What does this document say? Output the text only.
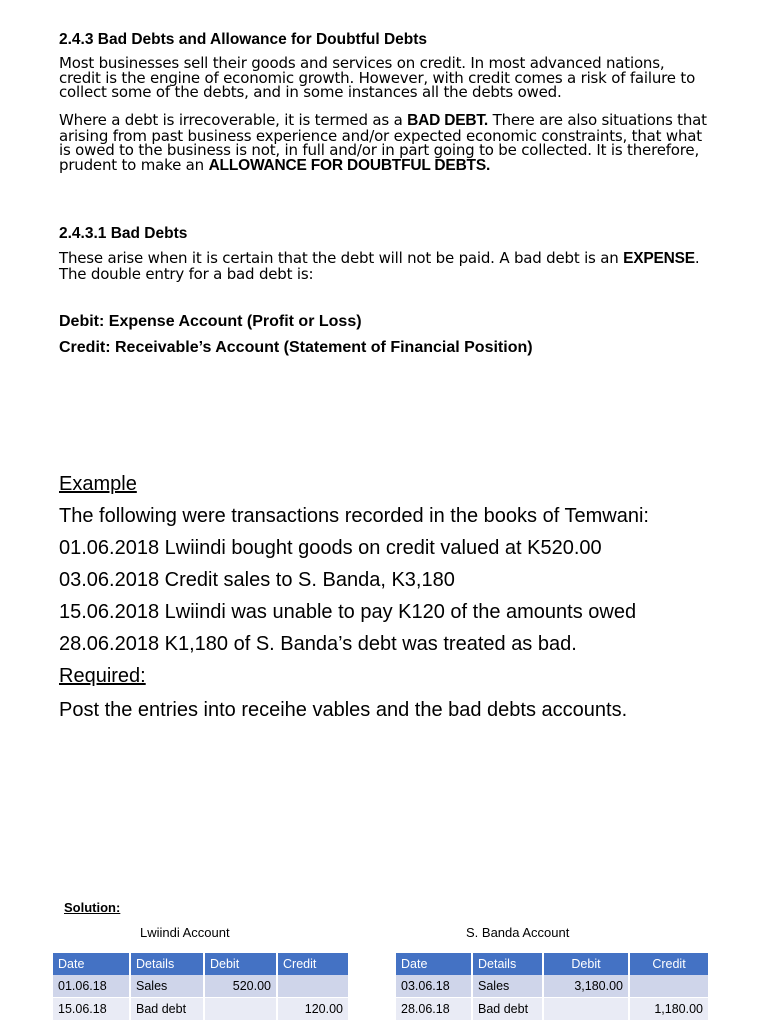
2.4.3 Bad Debts and Allowance for Doubtful Debts
Most businesses sell their goods and services on credit. In most advanced nations, credit is the engine of economic growth. However, with credit comes a risk of failure to collect some of the debts, and in some instances all the debts owed.
Where a debt is irrecoverable, it is termed as a BAD DEBT. There are also situations that arising from past business experience and/or expected economic constraints, that what is owed to the business is not, in full and/or in part going to be collected. It is therefore, prudent to make an ALLOWANCE FOR DOUBTFUL DEBTS.
2.4.3.1 Bad Debts
These arise when it is certain that the debt will not be paid. A bad debt is an EXPENSE. The double entry for a bad debt is:
Debit: Expense Account (Profit or Loss)
Credit: Receivable’s Account (Statement of Financial Position)
Example
The following were transactions recorded in the books of Temwani:
01.06.2018 Lwiindi bought goods on credit valued at K520.00
03.06.2018 Credit sales to S. Banda, K3,180
15.06.2018 Lwiindi was unable to pay K120 of the amounts owed
28.06.2018 K1,180 of S. Banda’s debt was treated as bad.
Required:
Post the entries into receihe vables and the bad debts accounts.
Solution:
Lwiindi Account	S. Banda Account
Date	Details	Debit	Credit
01.06.18	Sales	520.00	
15.06.18	Bad debt		120.00
Date	Details	Debit	Credit
03.06.18	Sales	3,180.00	
28.06.18	Bad debt		1,180.00
